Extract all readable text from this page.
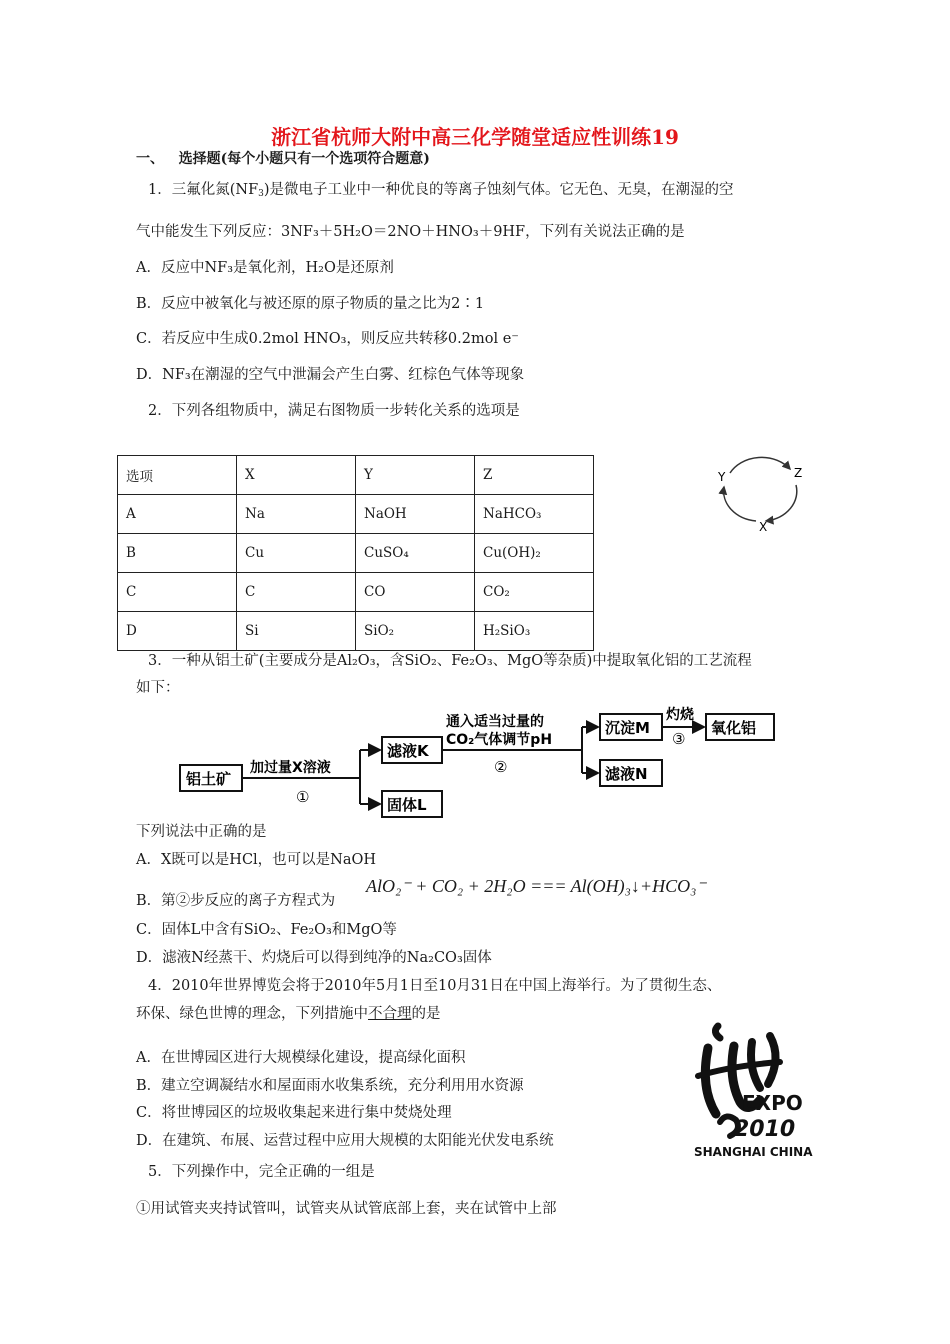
浙江省杭师大附中高三化学随堂适应性训练19
一、 选择题(每个小题只有一个选项符合题意)
1．三氟化氮$(NF_3)$是微电子工业中一种优良的等离子蚀刻气体。它无色、无臭，在潮湿的空
气中能发生下列反应：3NF₃＋5H₂O＝2NO＋HNO₃＋9HF，下列有关说法正确的是
A．反应中NF₃是氧化剂，H₂O是还原剂
B．反应中被氧化与被还原的原子物质的量之比为2∶1
C．若反应中生成0.2mol HNO₃，则反应共转移0.2mol e⁻
D．NF₃在潮湿的空气中泄漏会产生白雾、红棕色气体等现象
2．下列各组物质中，满足右图物质一步转化关系的选项是
选项	X	Y	Z
A	Na	NaOH	NaHCO₃
B	Cu	CuSO₄	Cu(OH)₂
C	C	CO	CO₂
D	Si	SiO₂	H₂SiO₃
Y	Z
X
3．一种从铝土矿(主要成分是Al₂O₃，含SiO₂、Fe₂O₃、MgO等杂质)中提取氧化铝的工艺流程
如下：
铝土矿
加过量X溶液
①
滤液K
固体L
通入适当过量的
CO₂气体调节pH
②
沉淀M
滤液N
灼烧
③
氧化铝
下列说法中正确的是
A．X既可以是HCl，也可以是NaOH
B．第②步反应的离子方程式为
AlO₂⁻ + CO₂ + 2H₂O === Al(OH)₃↓+HCO₃⁻
C．固体L中含有SiO₂、Fe₂O₃和MgO等
D．滤液N经蒸干、灼烧后可以得到纯净的Na₂CO₃固体
4．2010年世界博览会将于2010年5月1日至10月31日在中国上海举行。为了贯彻生态、
环保、绿色世博的理念，下列措施中不合理的是
A．在世博园区进行大规模绿化建设，提高绿化面积
B．建立空调凝结水和屋面雨水收集系统，充分利用用水资源
C．将世博园区的垃圾收集起来进行集中焚烧处理
D．在建筑、布展、运营过程中应用大规模的太阳能光伏发电系统
EXPO
2010
SHANGHAI CHINA
5．下列操作中，完全正确的一组是
①用试管夹夹持试管叫，试管夹从试管底部上套，夹在试管中上部
